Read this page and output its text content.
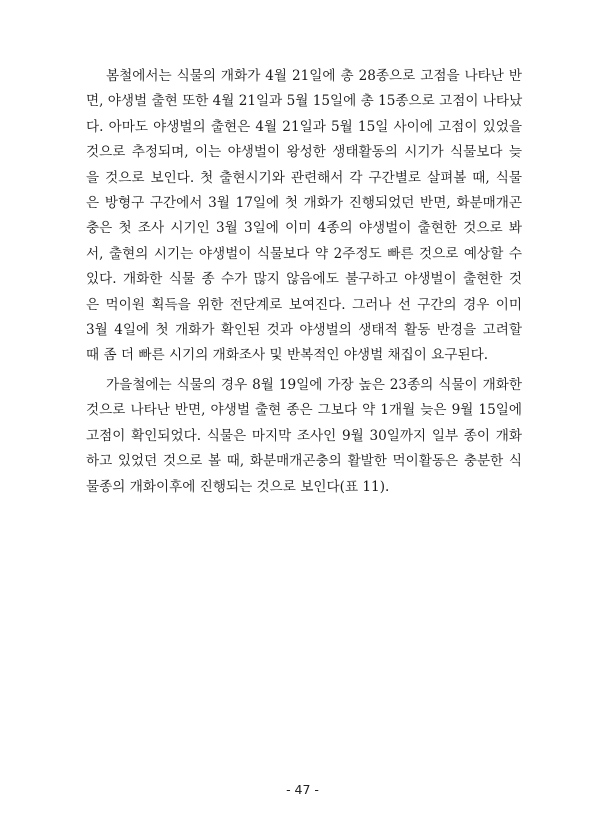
봄철에서는 식물의 개화가 4월 21일에 총 28종으로 고점을 나타난 반
면, 야생벌 출현 또한 4월 21일과 5월 15일에 총 15종으로 고점이 나타났
다. 아마도 야생벌의 출현은 4월 21일과 5월 15일 사이에 고점이 있었을
것으로 추정되며, 이는 야생벌이 왕성한 생태활동의 시기가 식물보다 늦
을 것으로 보인다. 첫 출현시기와 관련해서 각 구간별로 살펴볼 때, 식물
은 방형구 구간에서 3월 17일에 첫 개화가 진행되었던 반면, 화분매개곤
충은 첫 조사 시기인 3월 3일에 이미 4종의 야생벌이 출현한 것으로 봐
서, 출현의 시기는 야생벌이 식물보다 약 2주정도 빠른 것으로 예상할 수
있다. 개화한 식물 종 수가 많지 않음에도 불구하고 야생벌이 출현한 것
은 먹이원 획득을 위한 전단계로 보여진다. 그러나 선 구간의 경우 이미
3월 4일에 첫 개화가 확인된 것과 야생벌의 생태적 활동 반경을 고려할
때 좀 더 빠른 시기의 개화조사 및 반복적인 야생벌 채집이 요구된다.
가을철에는 식물의 경우 8월 19일에 가장 높은 23종의 식물이 개화한
것으로 나타난 반면, 야생벌 출현 종은 그보다 약 1개월 늦은 9월 15일에
고점이 확인되었다. 식물은 마지막 조사인 9월 30일까지 일부 종이 개화
하고 있었던 것으로 볼 때, 화분매개곤충의 활발한 먹이활동은 충분한 식
물종의 개화이후에 진행되는 것으로 보인다(표 11).
- 47 -
